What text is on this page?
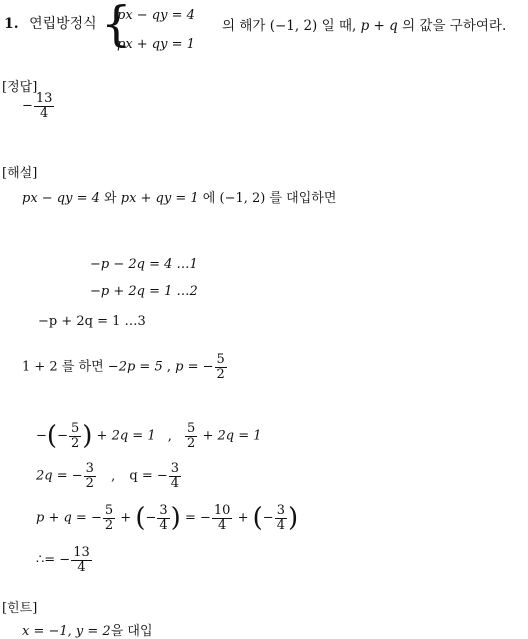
1. 연립방정식 {
px − qy = 4
px + qy = 1
의 해가 (−1, 2) 일 때, p + q 의 값을 구하여라.
[정답]
− $\frac{13}{4}$
[해설]
px − qy = 4 와 px + qy = 1 에 (−1, 2) 를 대입하면
−p − 2q = 4 …1
−p + 2q = 1 …2
−p + 2q = 1 …3
1 + 2 를 하면 −2p = 5 , p = − $\frac{5}{2}$
−(− $\frac{5}{2}$ ) + 2q = 1 , $\frac{5}{2} + 2q = 1$
2q = − $\frac{3}{2}$ , q = − $\frac{3}{4}$
p + q = − $\frac{5}{2}$ + (− $\frac{3}{4}$ ) = − $\frac{10}{4}$ + (− $\frac{3}{4}$ )
∴= − $\frac{13}{4}$
[힌트]
x = −1, y = 2을 대입
